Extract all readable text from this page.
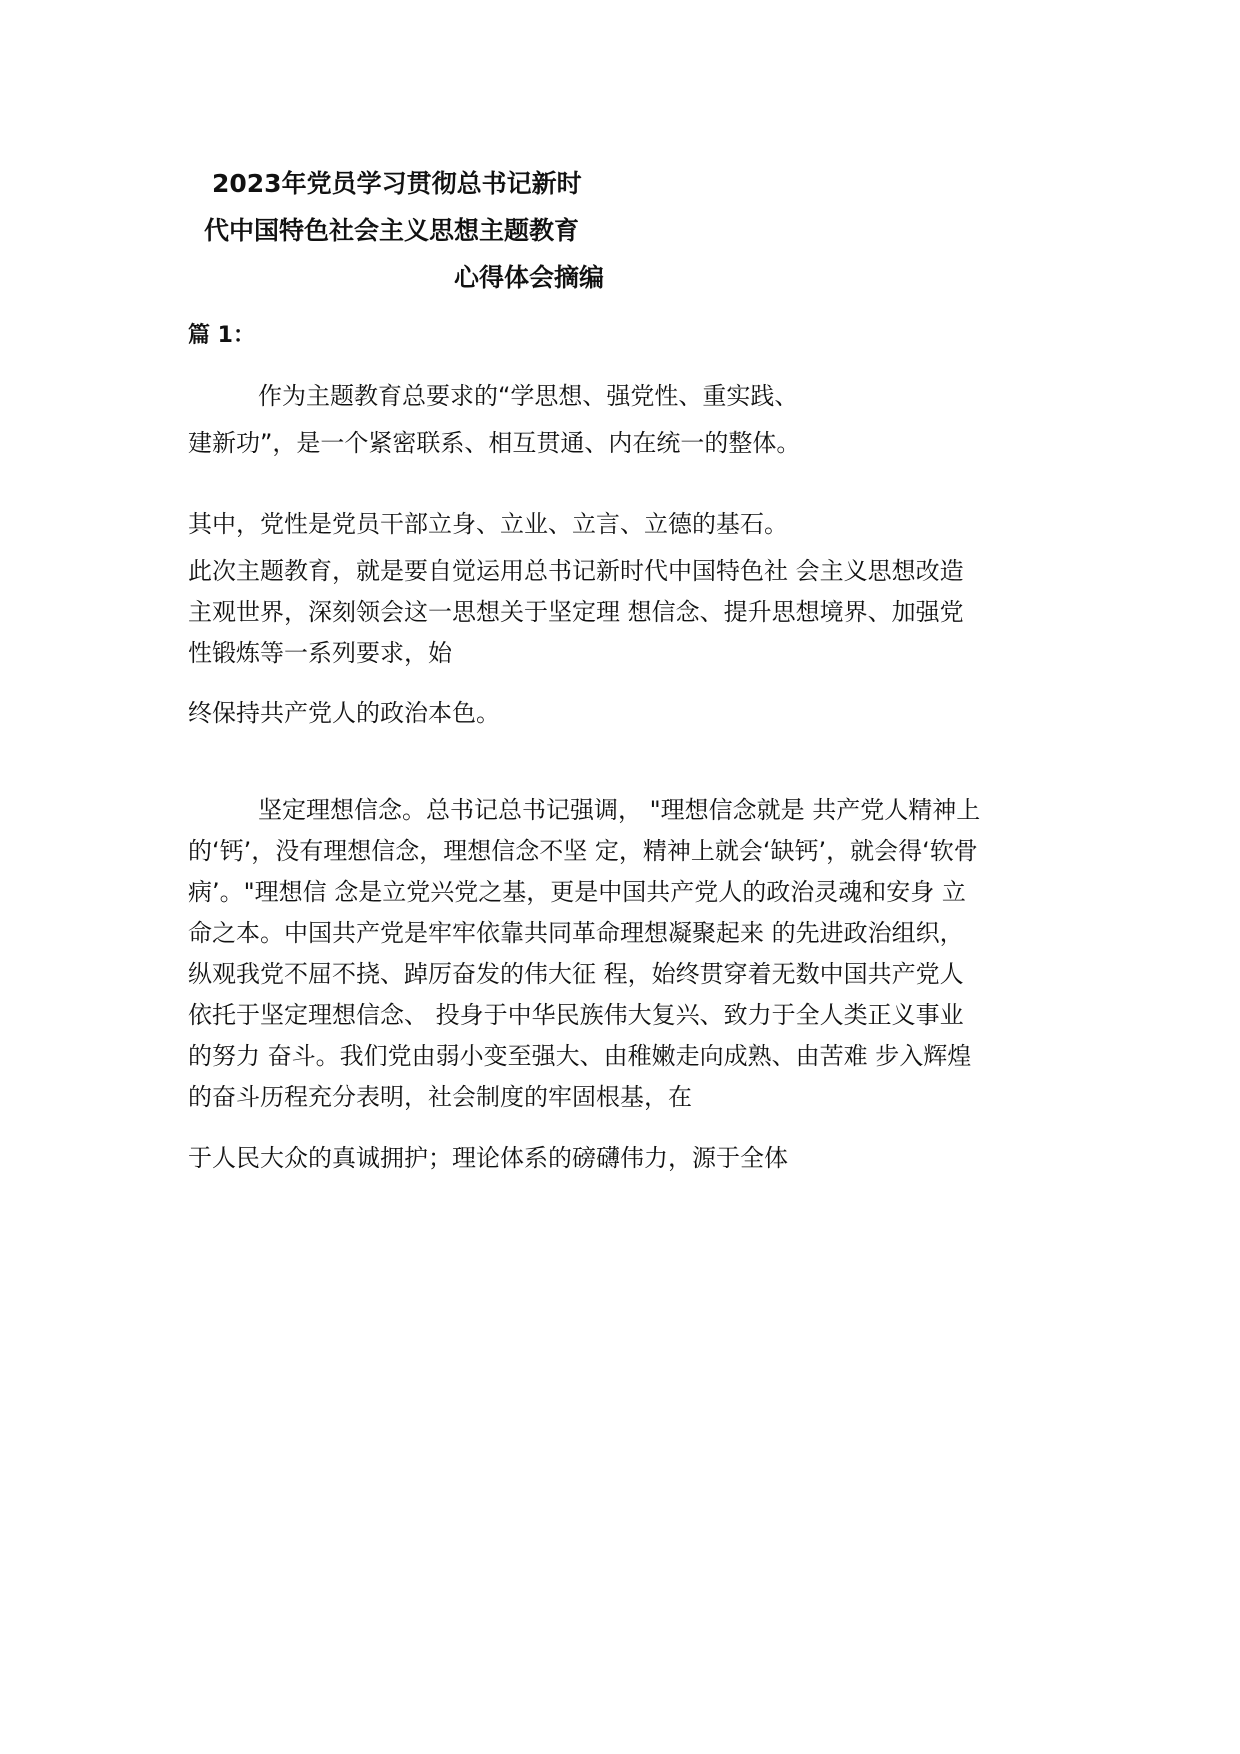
2023年党员学习贯彻总书记新时
代中国特色社会主义思想主题教育
心得体会摘编
篇 1：
作为主题教育总要求的“学思想、强党性、重实践、
建新功”，是一个紧密联系、相互贯通、内在统一的整体。
其中，党性是党员干部立身、立业、立言、立德的基石。
此次主题教育，就是要自觉运用总书记新时代中国特色社 会主义思想改造
主观世界，深刻领会这一思想关于坚定理 想信念、提升思想境界、加强党
性锻炼等一系列要求，始
终保持共产党人的政治本色。
坚定理想信念。总书记总书记强调， "理想信念就是 共产党人精神上
的‘钙’，没有理想信念，理想信念不坚 定，精神上就会‘缺钙’，就会得‘软骨
病’。"理想信 念是立党兴党之基，更是中国共产党人的政治灵魂和安身 立
命之本。中国共产党是牢牢依靠共同革命理想凝聚起来 的先进政治组织，
纵观我党不屈不挠、踔厉奋发的伟大征 程，始终贯穿着无数中国共产党人
依托于坚定理想信念、 投身于中华民族伟大复兴、致力于全人类正义事业
的努力 奋斗。我们党由弱小变至强大、由稚嫩走向成熟、由苦难 步入辉煌
的奋斗历程充分表明，社会制度的牢固根基，在
于人民大众的真诚拥护；理论体系的磅礴伟力，源于全体
